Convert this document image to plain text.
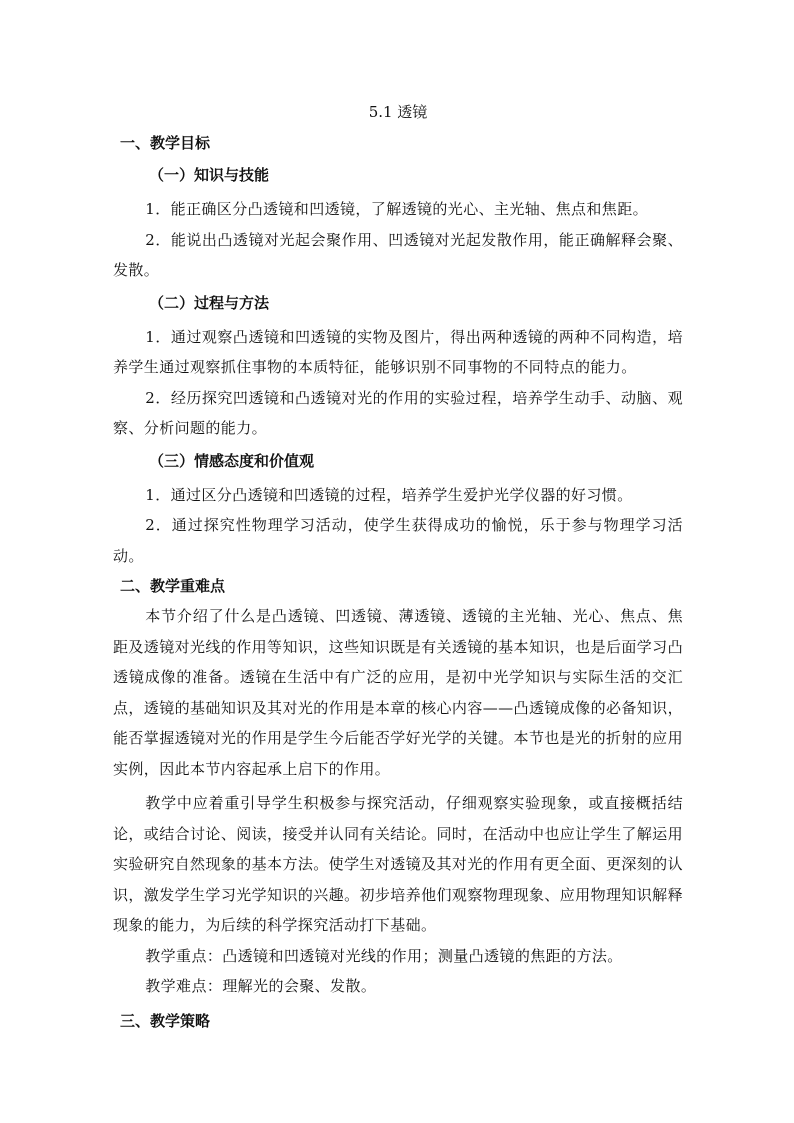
5.1 透镜

一、教学目标

（一）知识与技能

1．能正确区分凸透镜和凹透镜，了解透镜的光心、主光轴、焦点和焦距。

2．能说出凸透镜对光起会聚作用、凹透镜对光起发散作用，能正确解释会聚、发散。

（二）过程与方法

1．通过观察凸透镜和凹透镜的实物及图片，得出两种透镜的两种不同构造，培养学生通过观察抓住事物的本质特征，能够识别不同事物的不同特点的能力。

2．经历探究凹透镜和凸透镜对光的作用的实验过程，培养学生动手、动脑、观察、分析问题的能力。

（三）情感态度和价值观

1．通过区分凸透镜和凹透镜的过程，培养学生爱护光学仪器的好习惯。

2．通过探究性物理学习活动，使学生获得成功的愉悦，乐于参与物理学习活动。

二、教学重难点

本节介绍了什么是凸透镜、凹透镜、薄透镜、透镜的主光轴、光心、焦点、焦距及透镜对光线的作用等知识，这些知识既是有关透镜的基本知识，也是后面学习凸透镜成像的准备。透镜在生活中有广泛的应用，是初中光学知识与实际生活的交汇点，透镜的基础知识及其对光的作用是本章的核心内容——凸透镜成像的必备知识，能否掌握透镜对光的作用是学生今后能否学好光学的关键。本节也是光的折射的应用实例，因此本节内容起承上启下的作用。

教学中应着重引导学生积极参与探究活动，仔细观察实验现象，或直接概括结论，或结合讨论、阅读，接受并认同有关结论。同时，在活动中也应让学生了解运用实验研究自然现象的基本方法。使学生对透镜及其对光的作用有更全面、更深刻的认识，激发学生学习光学知识的兴趣。初步培养他们观察物理现象、应用物理知识解释现象的能力，为后续的科学探究活动打下基础。

教学重点：凸透镜和凹透镜对光线的作用；测量凸透镜的焦距的方法。

教学难点：理解光的会聚、发散。

三、教学策略
